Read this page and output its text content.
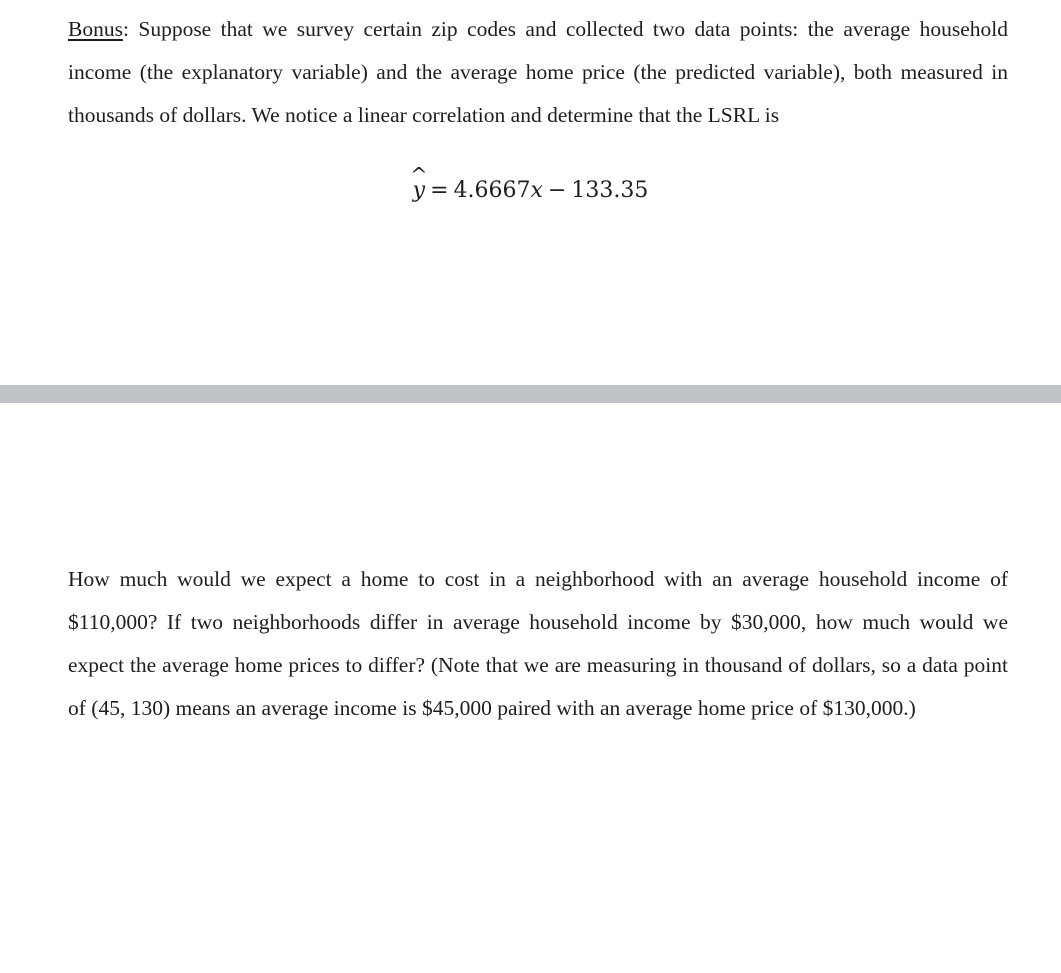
Bonus: Suppose that we survey certain zip codes and collected two data points: the average household income (the explanatory variable) and the average home price (the predicted variable), both measured in thousands of dollars. We notice a linear correlation and determine that the LSRL is

y ^ = 4.6667x − 133.35

How much would we expect a home to cost in a neighborhood with an average household income of $110,000? If two neighborhoods differ in average household income by $30,000, how much would we expect the average home prices to differ? (Note that we are measuring in thousand of dollars, so a data point of (45, 130) means an average income is $45,000 paired with an average home price of $130,000.)
